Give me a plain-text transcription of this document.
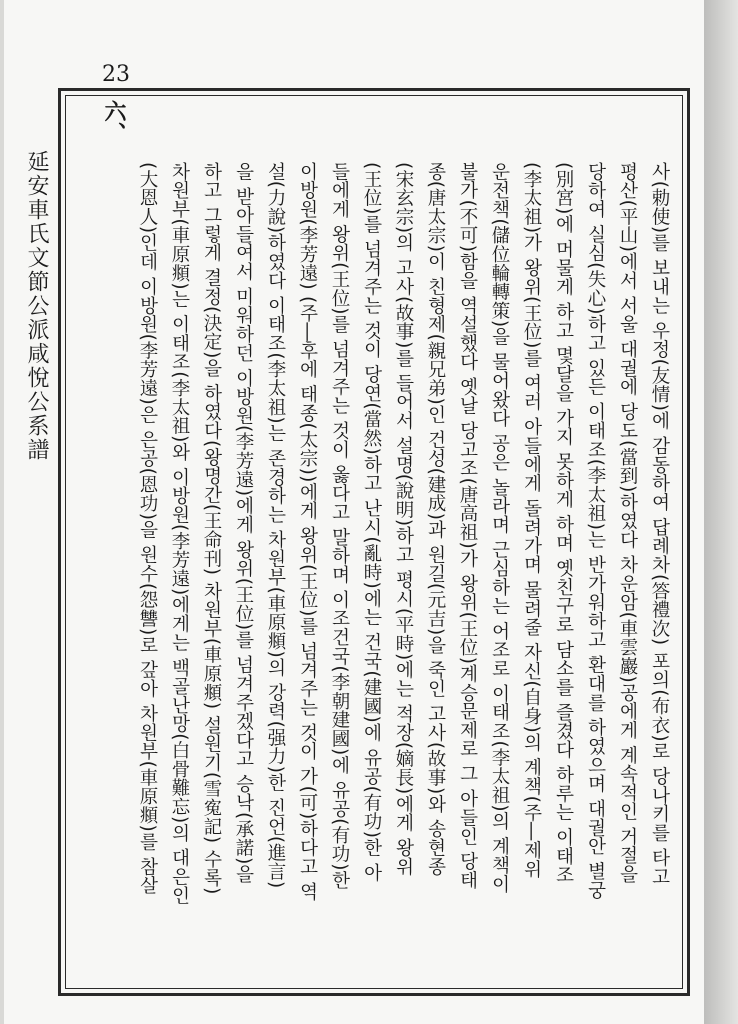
23
延安車氏文節公派咸悅公系譜
六、
사(勅使)를 보내는 우정(友情)에 감동하여 답례차(答禮次) 포의(布衣)로 당나키를 타고
평산(平山)에서 서울 대궐에 당도(當到)하였다 차운암(車雲巖)공에게 계속적인 거절을
당하여 실심(失心)하고 있든 이태조(李太祖)는 반가워하고 환대를 하였으며 대궐안 별궁
(別宮)에 머물게 하고 몇달을 가지 못하게 하며 옛친구로 담소를 즐겼다 하루는 이태조
(李太祖)가 왕위(王位)를 여러 아들에게 돌려가며 물려줄 자신(自身)의 계책(주―제위
운전책(儲位輪轉策)을 물어왔다 공은 놀라며 근심하는 어조로 이태조(李太祖)의 계책이
불가(不可)함을 역설했다 옛날 당고조(唐高祖)가 왕위(王位)계승문제로 그 아들인 당태
종(唐太宗)이 친형제(親兄弟)인 건성(建成)과 원길(元吉)을 죽인 고사(故事)와 송현종
(宋玄宗)의 고사(故事)를 들어서 설명(說明)하고 평시(平時)에는 적장(嫡長)에게 왕위
(王位)를 넘겨주는 것이 당연(當然)하고 난시(亂時)에는 건국(建國)에 유공(有功)한 아
들에게 왕위(王位)를 넘겨주는 것이 옳다고 말하며 이조건국(李朝建國)에 유공(有功)한
이방원(李芳遠) (주―후에 태종(太宗))에게 왕위(王位)를 넘겨주는 것이 가(可)하다고 역
설(力說)하였다 이태조(李太祖)는 존경하는 차원부(車原頫)의 강력(强力)한 진언(進言)
을 받아들여서 미워하던 이방원(李芳遠)에게 왕위(王位)를 넘겨주겠다고 승낙(承諾)을
하고 그렇게 결정(決定)을 하였다(왕명간(王命刊) 차원부(車原頫) 설원기(雪寃記) 수록)
차원부(車原頫)는 이태조(李太祖)와 이방원(李芳遠)에게는 백골난망(白骨難忘)의 대은인
(大恩人)인데 이방원(李芳遠)은 은공(恩功)을 원수(怨讐)로 갚아 차원부(車原頫)를 참살
